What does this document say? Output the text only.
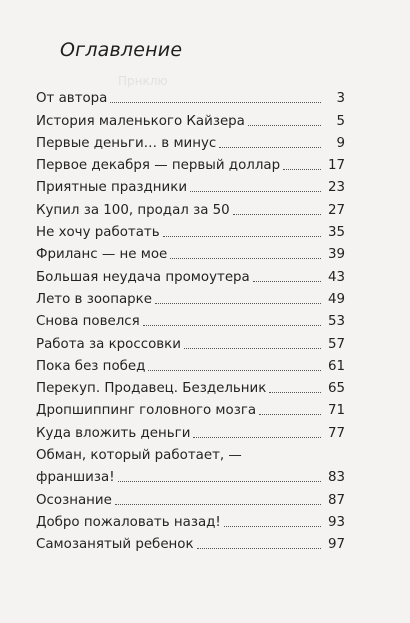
Прнклю
Оглавление
От автора	3
История маленького Кайзера	5
Первые деньги… в минус	9
Первое декабря — первый доллар	17
Приятные праздники	23
Купил за 100, продал за 50	27
Не хочу работать	35
Фриланс — не мое	39
Большая неудача промоутера	43
Лето в зоопарке	49
Снова повелся	53
Работа за кроссовки	57
Пока без побед	61
Перекуп. Продавец. Бездельник	65
Дропшиппинг головного мозга	71
Куда вложить деньги	77
Обман, который работает, —
франшиза!	83
Осознание	87
Добро пожаловать назад!	93
Самозанятый ребенок	97
